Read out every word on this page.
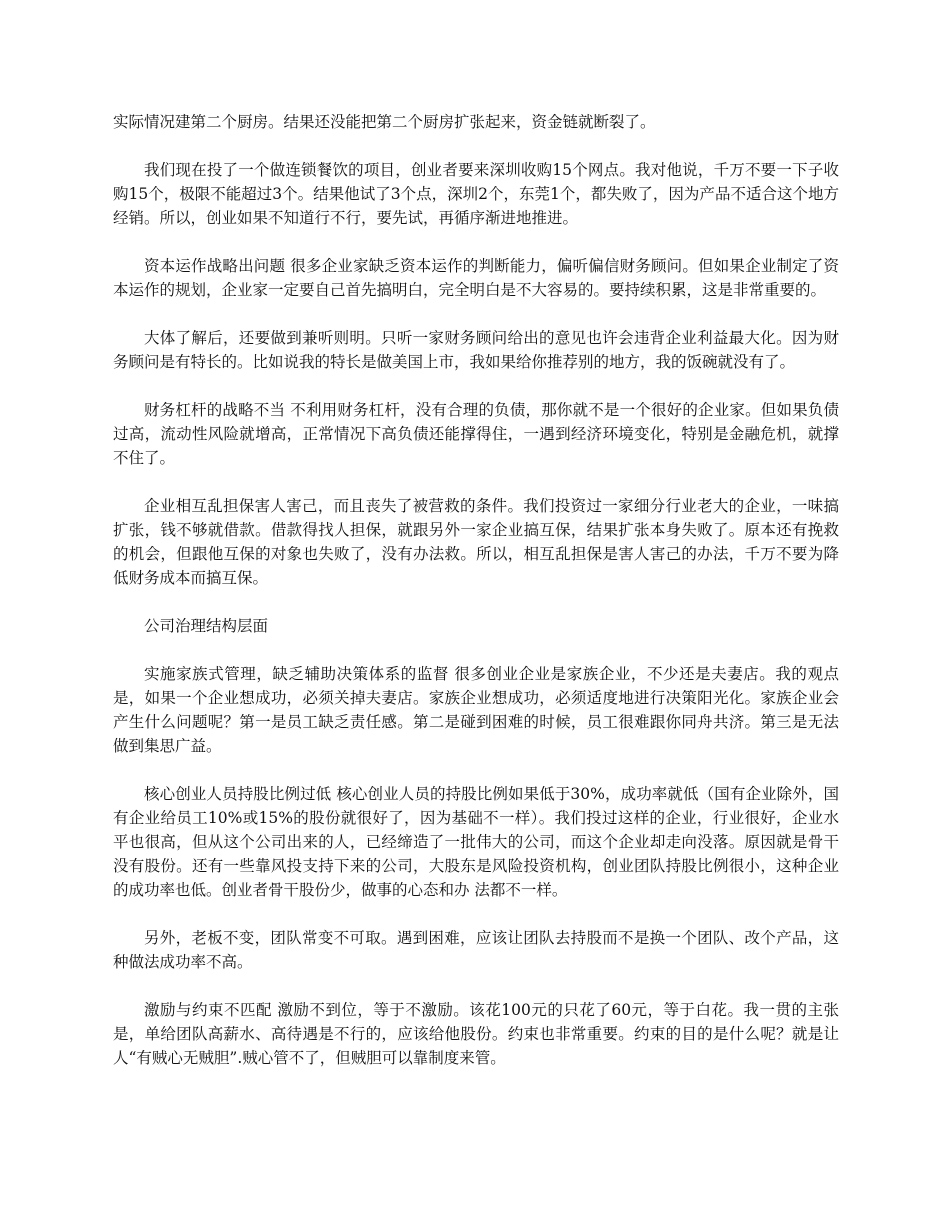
实际情况建第二个厨房。结果还没能把第二个厨房扩张起来，资金链就断裂了。

我们现在投了一个做连锁餐饮的项目，创业者要来深圳收购15个网点。我对他说，千万不要一下子收购15个，极限不能超过3个。结果他试了3个点，深圳2个，东莞1个，都失败了，因为产品不适合这个地方经销。所以，创业如果不知道行不行，要先试，再循序渐进地推进。

资本运作战略出问题 很多企业家缺乏资本运作的判断能力，偏听偏信财务顾问。但如果企业制定了资本运作的规划，企业家一定要自己首先搞明白，完全明白是不大容易的。要持续积累，这是非常重要的。

大体了解后，还要做到兼听则明。只听一家财务顾问给出的意见也许会违背企业利益最大化。因为财务顾问是有特长的。比如说我的特长是做美国上市，我如果给你推荐别的地方，我的饭碗就没有了。

财务杠杆的战略不当 不利用财务杠杆，没有合理的负债，那你就不是一个很好的企业家。但如果负债过高，流动性风险就增高，正常情况下高负债还能撑得住，一遇到经济环境变化，特别是金融危机，就撑不住了。

企业相互乱担保害人害己，而且丧失了被营救的条件。我们投资过一家细分行业老大的企业，一味搞扩张，钱不够就借款。借款得找人担保，就跟另外一家企业搞互保，结果扩张本身失败了。原本还有挽救的机会，但跟他互保的对象也失败了，没有办法救。所以，相互乱担保是害人害己的办法，千万不要为降低财务成本而搞互保。

公司治理结构层面

实施家族式管理，缺乏辅助决策体系的监督 很多创业企业是家族企业，不少还是夫妻店。我的观点是，如果一个企业想成功，必须关掉夫妻店。家族企业想成功，必须适度地进行决策阳光化。家族企业会产生什么问题呢？第一是员工缺乏责任感。第二是碰到困难的时候，员工很难跟你同舟共济。第三是无法做到集思广益。

核心创业人员持股比例过低 核心创业人员的持股比例如果低于30%，成功率就低（国有企业除外，国有企业给员工10%或15%的股份就很好了，因为基础不一样）。我们投过这样的企业，行业很好，企业水平也很高，但从这个公司出来的人，已经缔造了一批伟大的公司，而这个企业却走向没落。原因就是骨干没有股份。还有一些靠风投支持下来的公司，大股东是风险投资机构，创业团队持股比例很小，这种企业的成功率也低。创业者骨干股份少，做事的心态和办 法都不一样。

另外，老板不变，团队常变不可取。遇到困难，应该让团队去持股而不是换一个团队、改个产品，这种做法成功率不高。

激励与约束不匹配 激励不到位，等于不激励。该花100元的只花了60元，等于白花。我一贯的主张是，单给团队高薪水、高待遇是不行的，应该给他股份。约束也非常重要。约束的目的是什么呢？就是让人“有贼心无贼胆”.贼心管不了，但贼胆可以靠制度来管。
